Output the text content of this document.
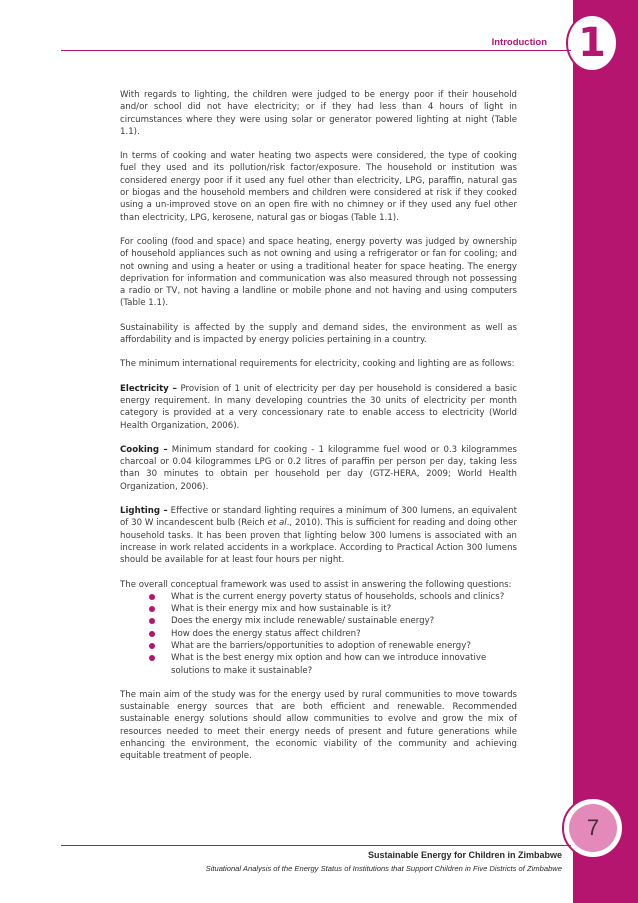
1
Introduction

With regards to lighting, the children were judged to be energy poor if their household and/or school did not have electricity; or if they had less than 4 hours of light in circumstances where they were using solar or generator powered lighting at night (Table 1.1).

In terms of cooking and water heating two aspects were considered, the type of cooking fuel they used and its pollution/risk factor/exposure. The household or institution was considered energy poor if it used any fuel other than electricity, LPG, paraffin, natural gas or biogas and the household members and children were considered at risk if they cooked using a un-improved stove on an open fire with no chimney or if they used any fuel other than electricity, LPG, kerosene, natural gas or biogas (Table 1.1).

For cooling (food and space) and space heating, energy poverty was judged by ownership of household appliances such as not owning and using a refrigerator or fan for cooling; and not owning and using a heater or using a traditional heater for space heating. The energy deprivation for information and communication was also measured through not possessing a radio or TV, not having a landline or mobile phone and not having and using computers (Table 1.1).

Sustainability is affected by the supply and demand sides, the environment as well as affordability and is impacted by energy policies pertaining in a country.

The minimum international requirements for electricity, cooking and lighting are as follows:

Electricity – Provision of 1 unit of electricity per day per household is considered a basic energy requirement. In many developing countries the 30 units of electricity per month category is provided at a very concessionary rate to enable access to electricity (World Health Organization, 2006).

Cooking – Minimum standard for cooking - 1 kilogramme fuel wood or 0.3 kilogrammes charcoal or 0.04 kilogrammes LPG or 0.2 litres of paraffin per person per day, taking less than 30 minutes to obtain per household per day (GTZ-HERA, 2009; World Health Organization, 2006).

Lighting – Effective or standard lighting requires a minimum of 300 lumens, an equivalent of 30 W incandescent bulb (Reich et al., 2010). This is sufficient for reading and doing other household tasks. It has been proven that lighting below 300 lumens is associated with an increase in work related accidents in a workplace. According to Practical Action 300 lumens should be available for at least four hours per night.

The overall conceptual framework was used to assist in answering the following questions:

What is the current energy poverty status of households, schools and clinics?
What is their energy mix and how sustainable is it?
Does the energy mix include renewable/ sustainable energy?
How does the energy status affect children?
What are the barriers/opportunities to adoption of renewable energy?
What is the best energy mix option and how can we introduce innovative solutions to make it sustainable?

The main aim of the study was for the energy used by rural communities to move towards sustainable energy sources that are both efficient and renewable. Recommended sustainable energy solutions should allow communities to evolve and grow the mix of resources needed to meet their energy needs of present and future generations while enhancing the environment, the economic viability of the community and achieving equitable treatment of people.

7
Sustainable Energy for Children in Zimbabwe
Situational Analysis of the Energy Status of Institutions that Support Children in Five Districts of Zimbabwe
